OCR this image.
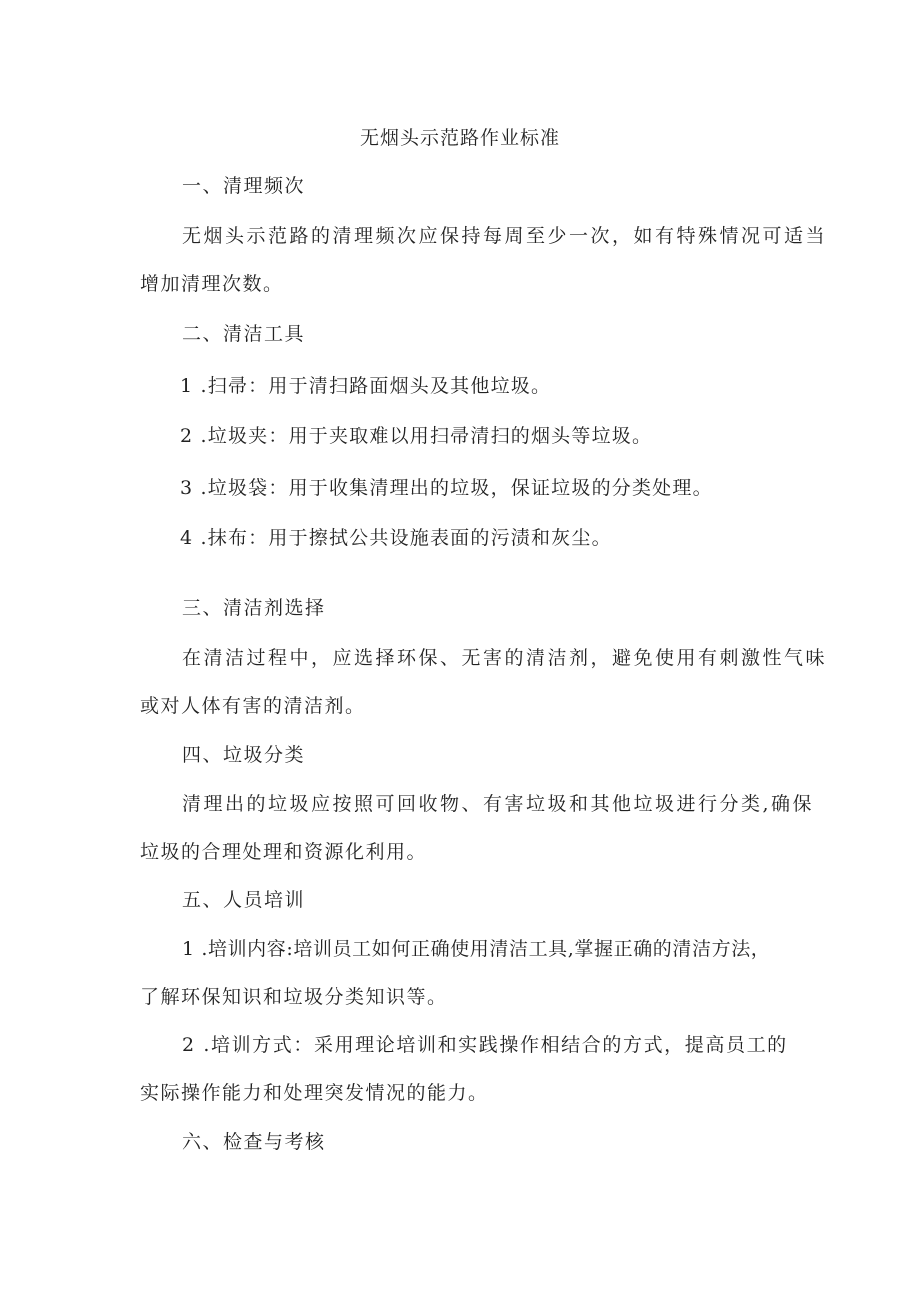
无烟头示范路作业标准
一、清理频次

无烟头示范路的清理频次应保持每周至少一次，如有特殊情况可适当

增加清理次数。

二、清洁工具

1 .扫帚：用于清扫路面烟头及其他垃圾。

2 .垃圾夹：用于夹取难以用扫帚清扫的烟头等垃圾。

3 .垃圾袋：用于收集清理出的垃圾，保证垃圾的分类处理。

4 .抹布：用于擦拭公共设施表面的污渍和灰尘。

三、清洁剂选择

在清洁过程中，应选择环保、无害的清洁剂，避免使用有刺激性气味

或对人体有害的清洁剂。

四、垃圾分类

清理出的垃圾应按照可回收物、有害垃圾和其他垃圾进行分类,确保

垃圾的合理处理和资源化利用。

五、人员培训

1 .培训内容:培训员工如何正确使用清洁工具,掌握正确的清洁方法，

了解环保知识和垃圾分类知识等。

2 .培训方式：采用理论培训和实践操作相结合的方式，提高员工的

实际操作能力和处理突发情况的能力。

六、检查与考核
